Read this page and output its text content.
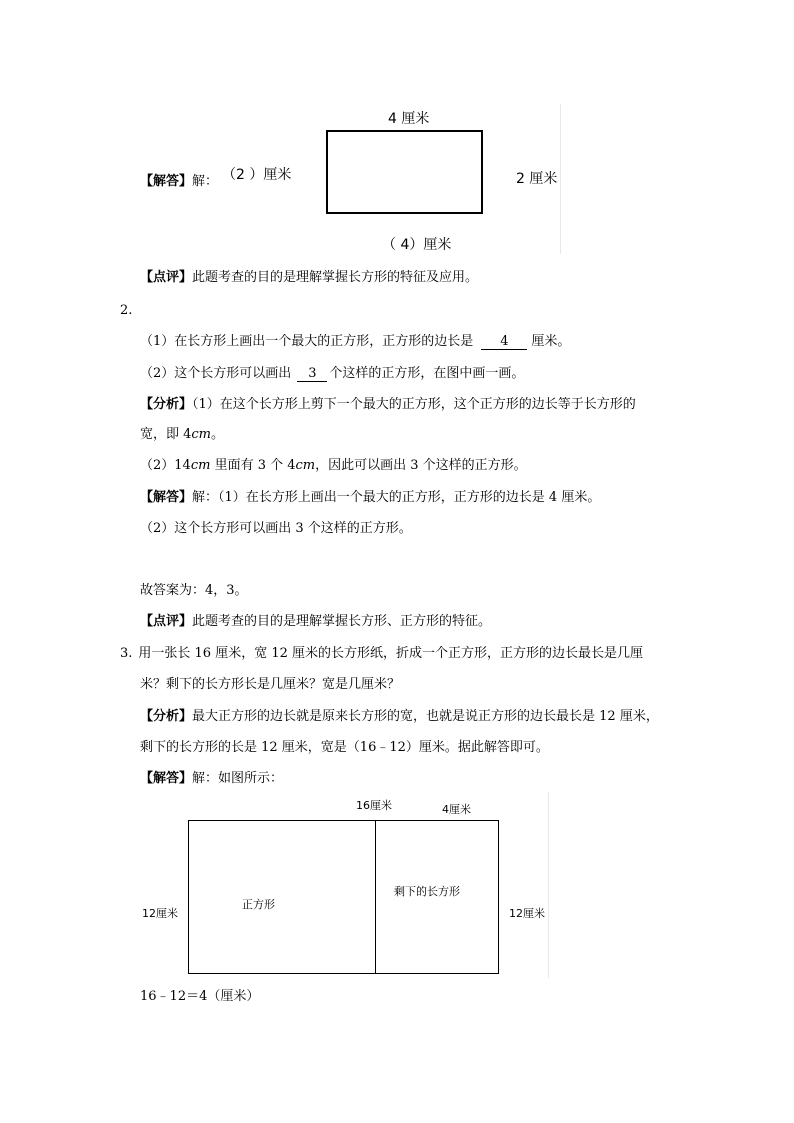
4 厘米
【解答】解： （2 ）厘米	2 厘米
（ 4）厘米
【点评】此题考查的目的是理解掌握长方形的特征及应用。
2.
（1）在长方形上画出一个最大的正方形，正方形的边长是 4 厘米。
（2）这个长方形可以画出 3 个这样的正方形，在图中画一画。
【分析】（1）在这个长方形上剪下一个最大的正方形，这个正方形的边长等于长方形的
宽，即 4cm。
（2）14cm 里面有 3 个 4cm，因此可以画出 3 个这样的正方形。
【解答】解：（1）在长方形上画出一个最大的正方形，正方形的边长是 4 厘米。
（2）这个长方形可以画出 3 个这样的正方形。
故答案为：4，3。
【点评】此题考查的目的是理解掌握长方形、正方形的特征。
3. 用一张长 16 厘米，宽 12 厘米的长方形纸，折成一个正方形，正方形的边长最长是几厘
米？剩下的长方形长是几厘米？宽是几厘米？
【分析】最大正方形的边长就是原来长方形的宽，也就是说正方形的边长最长是 12 厘米，
剩下的长方形的长是 12 厘米，宽是（16﹣12）厘米。据此解答即可。
【解答】解：如图所示：
16厘米	4厘米
12厘米
正方形
剩下的长方形
12厘米
16﹣12＝4（厘米）
